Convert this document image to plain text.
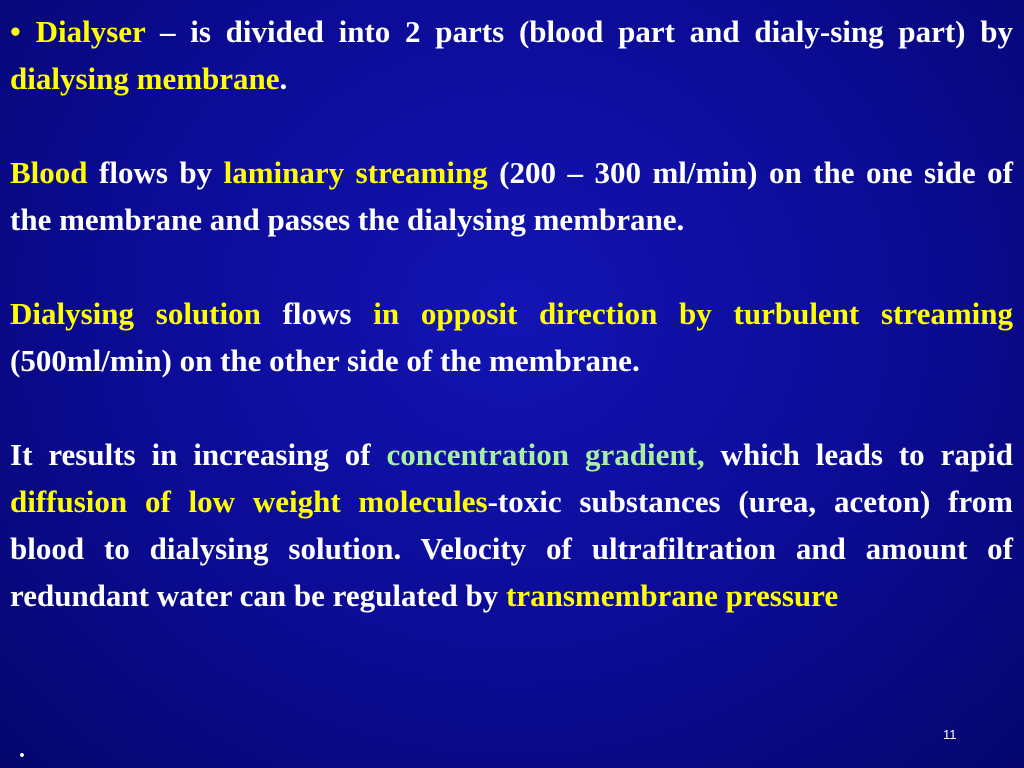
• Dialyser – is divided into 2 parts (blood part and dialy-sing part) by dialysing membrane.

Blood flows by laminary streaming (200 – 300 ml/min) on the one side of the membrane and passes the dialysing membrane.

Dialysing solution flows in opposit direction by turbulent streaming (500ml/min) on the other side of the membrane.

It results in increasing of concentration gradient, which leads to rapid diffusion of low weight molecules-toxic substances (urea, aceton) from blood to dialysing solution. Velocity of ultrafiltration and amount of redundant water can be regulated by transmembrane pressure

11
.
